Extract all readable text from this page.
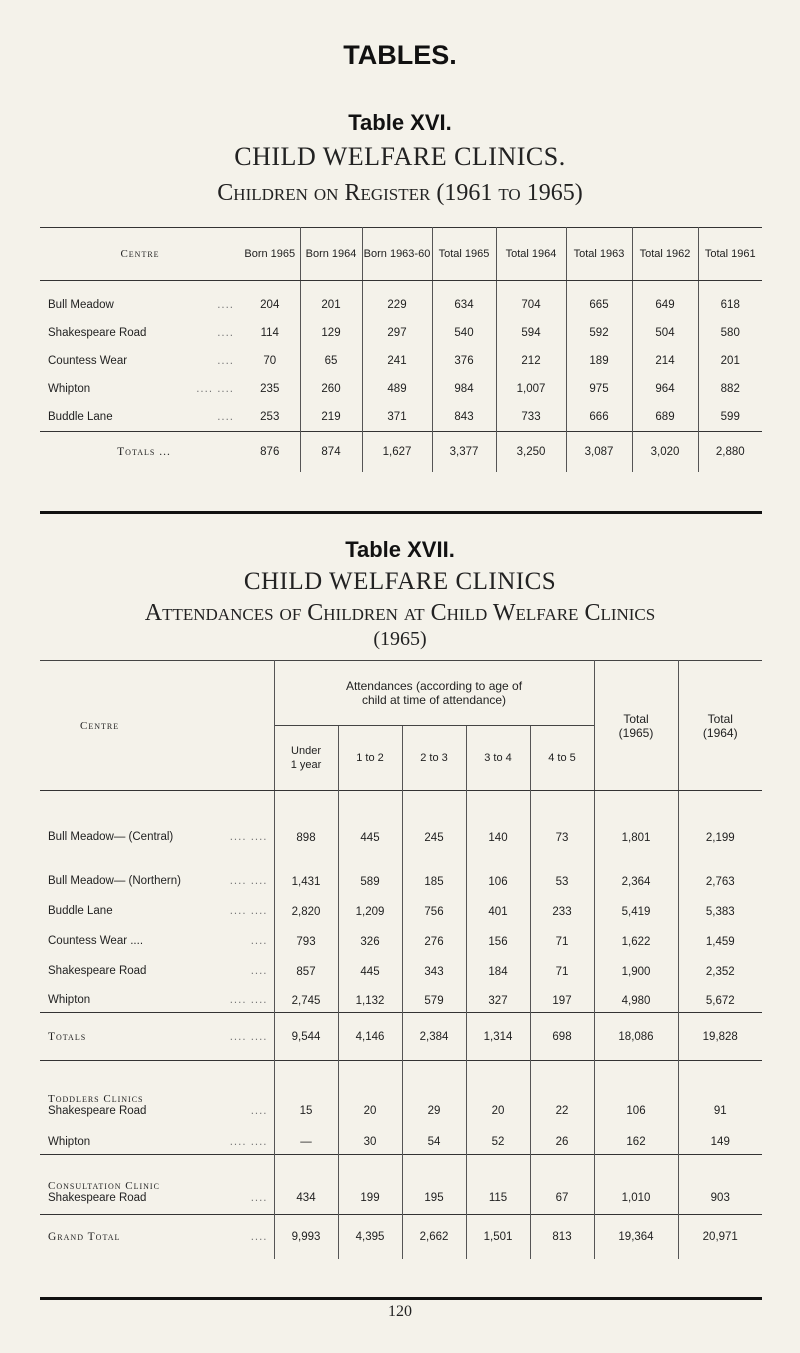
TABLES.
Table XVI.
CHILD WELFARE CLINICS.
Children on Register (1961 to 1965)
Centre	Born 1965	Born 1964	Born 1963-60	Total 1965	Total 1964	Total 1963	Total 1962	Total 1961
Bull Meadow ....	204	201	229	634	704	665	649	618
Shakespeare Road ....	114	129	297	540	594	592	504	580
Countess Wear ....	70	65	241	376	212	189	214	201
Whipton .... ....	235	260	489	984	1,007	975	964	882
Buddle Lane ....	253	219	371	843	733	666	689	599
Totals ...	876	874	1,627	3,377	3,250	3,087	3,020	2,880
Table XVII.
CHILD WELFARE CLINICS
Attendances of Children at Child Welfare Clinics
(1965)
Centre	Attendances (according to age of child at time of attendance)					Total (1965)	Total (1964)
	Under 1 year	1 to 2	2 to 3	3 to 4	4 to 5		
Bull Meadow— (Central) .... ....	898	445	245	140	73	1,801	2,199
Bull Meadow— (Northern) .... ....	1,431	589	185	106	53	2,364	2,763
Buddle Lane .... ....	2,820	1,209	756	401	233	5,419	5,383
Countess Wear .... ....	793	326	276	156	71	1,622	1,459
Shakespeare Road ....	857	445	343	184	71	1,900	2,352
Whipton .... ....	2,745	1,132	579	327	197	4,980	5,672
Totals .... ....	9,544	4,146	2,384	1,314	698	18,086	19,828

Toddlers Clinics
Shakespeare Road ....	15	20	29	20	22	106	91
Whipton .... ....	—	30	54	52	26	162	149

Consultation Clinic
Shakespeare Road ....	434	199	195	115	67	1,010	903
Grand Total ....	9,993	4,395	2,662	1,501	813	19,364	20,971
120
